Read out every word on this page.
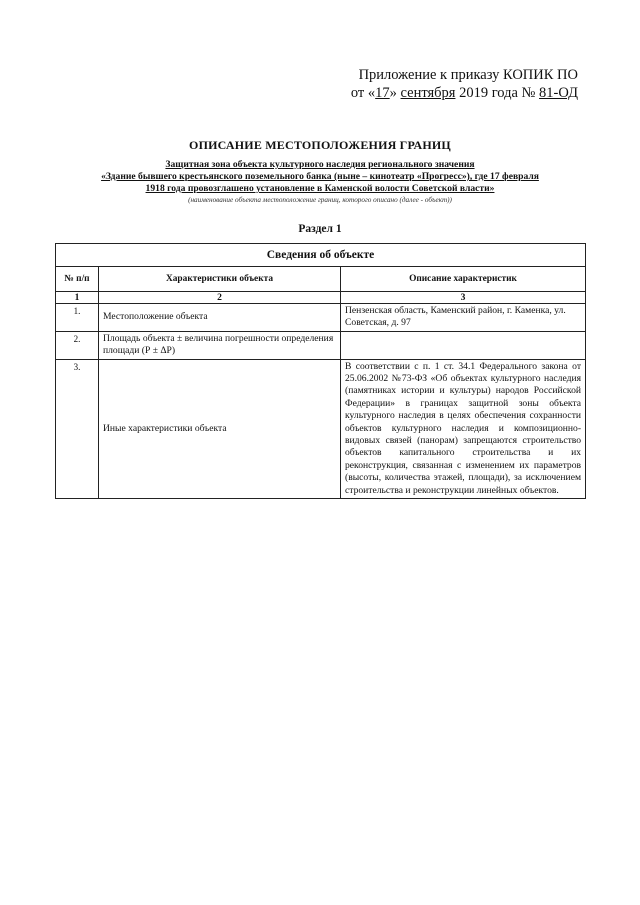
Приложение к приказу КОПИК ПО
от «17» сентября 2019 года № 81-ОД
ОПИСАНИЕ МЕСТОПОЛОЖЕНИЯ ГРАНИЦ
Защитная зона объекта культурного наследия регионального значения
«Здание бывшего крестьянского поземельного банка (ныне – кинотеатр «Прогресс»), где 17 февраля
1918 года провозглашено установление в Каменской волости Советской власти»
(наименование объекта местоположение границ, которого описано (далее - объект))
Раздел 1
Сведения об объекте		
№ п/п	Характеристики объекта	Описание характеристик
1	2	3
1.	Местоположение объекта	Пензенская область, Каменский район, г. Каменка, ул. Советская, д. 97
2.	Площадь объекта ± величина погрешности определения площади (Р ± ΔР)	
3.	Иные характеристики объекта	В соответствии с п. 1 ст. 34.1 Федерального закона от 25.06.2002 №73-ФЗ «Об объектах культурного наследия (памятниках истории и культуры) народов Российской Федерации» в границах защитной зоны объекта культурного наследия в целях обеспечения сохранности объектов культурного наследия и композиционно-видовых связей (панорам) запрещаются строительство объектов капитального строительства и их реконструкция, связанная с изменением их параметров (высоты, количества этажей, площади), за исключением строительства и реконструкции линейных объектов.
